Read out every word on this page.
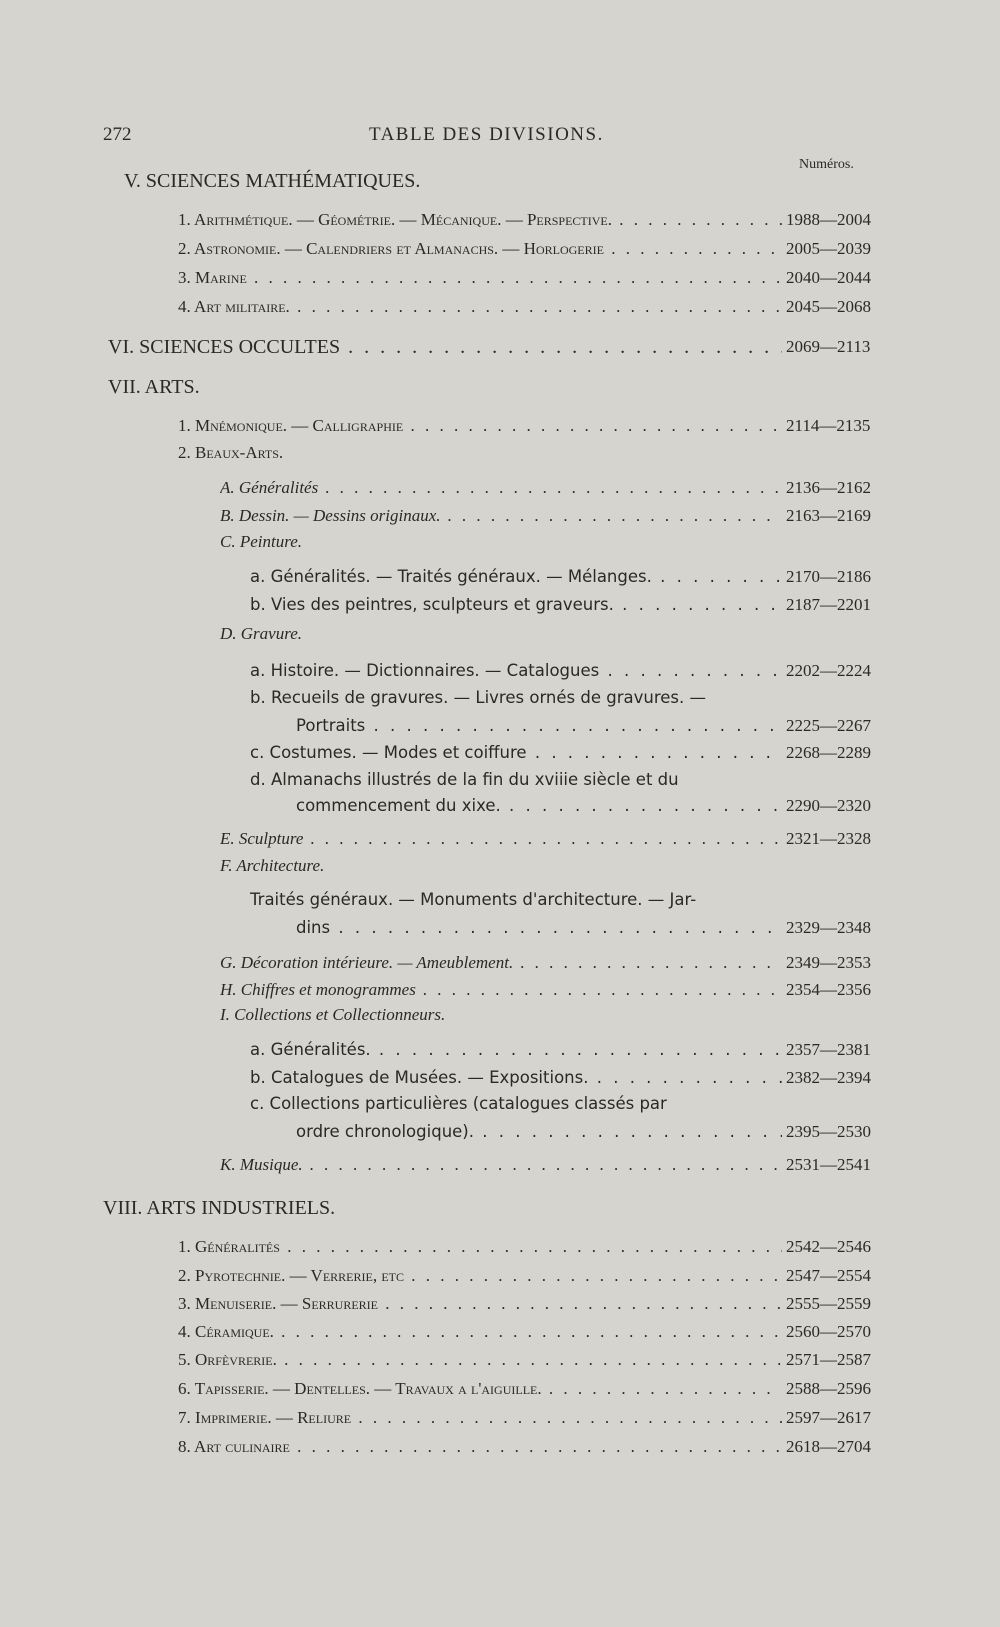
272	TABLE DES DIVISIONS.
Numéros.
V. SCIENCES MATHÉMATIQUES.
1. Arithmétique. — Géométrie. — Mécanique. — Perspective. . . .	1988—2004
2. Astronomie. — Calendriers et Almanachs. — Horlogerie . . .	2005—2039
3. Marine . . .	2040—2044
4. Art militaire. . . .	2045—2068
VI. SCIENCES OCCULTES . . .	2069—2113
VII. ARTS.
1. Mnémonique. — Calligraphie . . .	2114—2135
2. Beaux-Arts.
A. Généralités . . .	2136—2162
B. Dessin. — Dessins originaux. . . .	2163—2169
C. Peinture.
a. Généralités. — Traités généraux. — Mélanges. . . .	2170—2186
b. Vies des peintres, sculpteurs et graveurs. . . .	2187—2201
D. Gravure.
a. Histoire. — Dictionnaires. — Catalogues . . .	2202—2224
b. Recueils de gravures. — Livres ornés de gravures. —
Portraits . . .	2225—2267
c. Costumes. — Modes et coiffure . . .	2268—2289
d. Almanachs illustrés de la fin du xviiie siècle et du
commencement du xixe. . . .	2290—2320
E. Sculpture . . .	2321—2328
F. Architecture.
Traités généraux. — Monuments d'architecture. — Jar-
dins . . .	2329—2348
G. Décoration intérieure. — Ameublement. . . .	2349—2353
H. Chiffres et monogrammes . . .	2354—2356
I. Collections et Collectionneurs.
a. Généralités. . . .	2357—2381
b. Catalogues de Musées. — Expositions. . . .	2382—2394
c. Collections particulières (catalogues classés par
ordre chronologique). . . .	2395—2530
K. Musique. . . .	2531—2541
VIII. ARTS INDUSTRIELS.
1. Généralités . . .	2542—2546
2. Pyrotechnie. — Verrerie, etc . . .	2547—2554
3. Menuiserie. — Serrurerie . . .	2555—2559
4. Céramique. . . .	2560—2570
5. Orfèvrerie. . . .	2571—2587
6. Tapisserie. — Dentelles. — Travaux a l'aiguille. . . .	2588—2596
7. Imprimerie. — Reliure . . .	2597—2617
8. Art culinaire . . .	2618—2704
